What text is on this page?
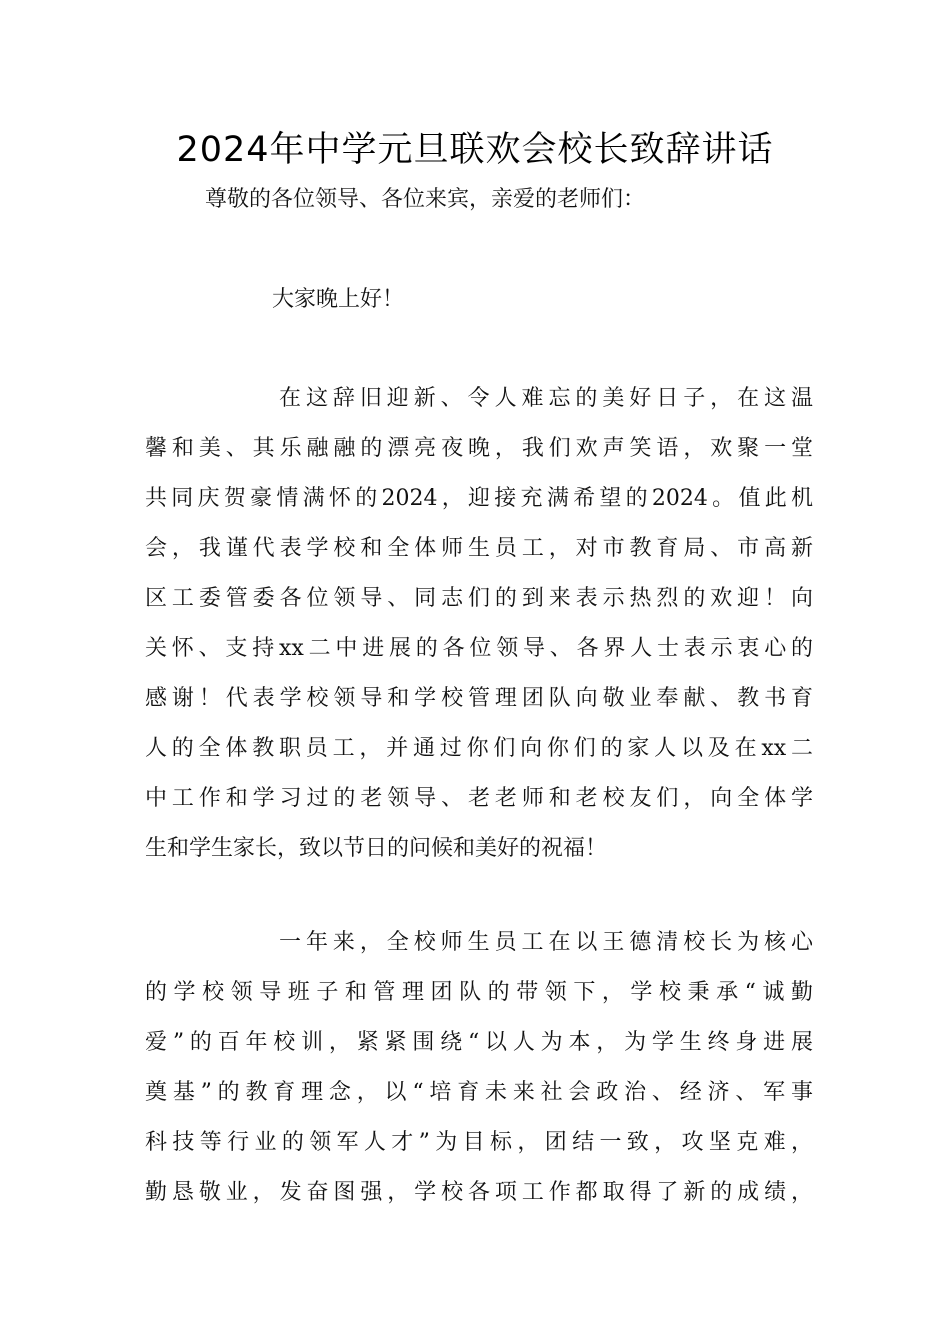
2024年中学元旦联欢会校长致辞讲话
尊敬的各位领导、各位来宾，亲爱的老师们：
大家晚上好！
在这辞旧迎新、令人难忘的美好日子，在这温
馨和美、其乐融融的漂亮夜晚，我们欢声笑语，欢聚一堂
共同庆贺豪情满怀的2024，迎接充满希望的2024。值此机
会，我谨代表学校和全体师生员工，对市教育局、市高新
区工委管委各位领导、同志们的到来表示热烈的欢迎！向
关怀、支持xx二中进展的各位领导、各界人士表示衷心的
感谢！代表学校领导和学校管理团队向敬业奉献、教书育
人的全体教职员工，并通过你们向你们的家人以及在xx二
中工作和学习过的老领导、老老师和老校友们，向全体学
生和学生家长，致以节日的问候和美好的祝福！
一年来，全校师生员工在以王德清校长为核心
的学校领导班子和管理团队的带领下，学校秉承“诚勤
爱”的百年校训，紧紧围绕“以人为本，为学生终身进展
奠基”的教育理念，以“培育未来社会政治、经济、军事
科技等行业的领军人才”为目标，团结一致，攻坚克难，
勤恳敬业，发奋图强，学校各项工作都取得了新的成绩，
